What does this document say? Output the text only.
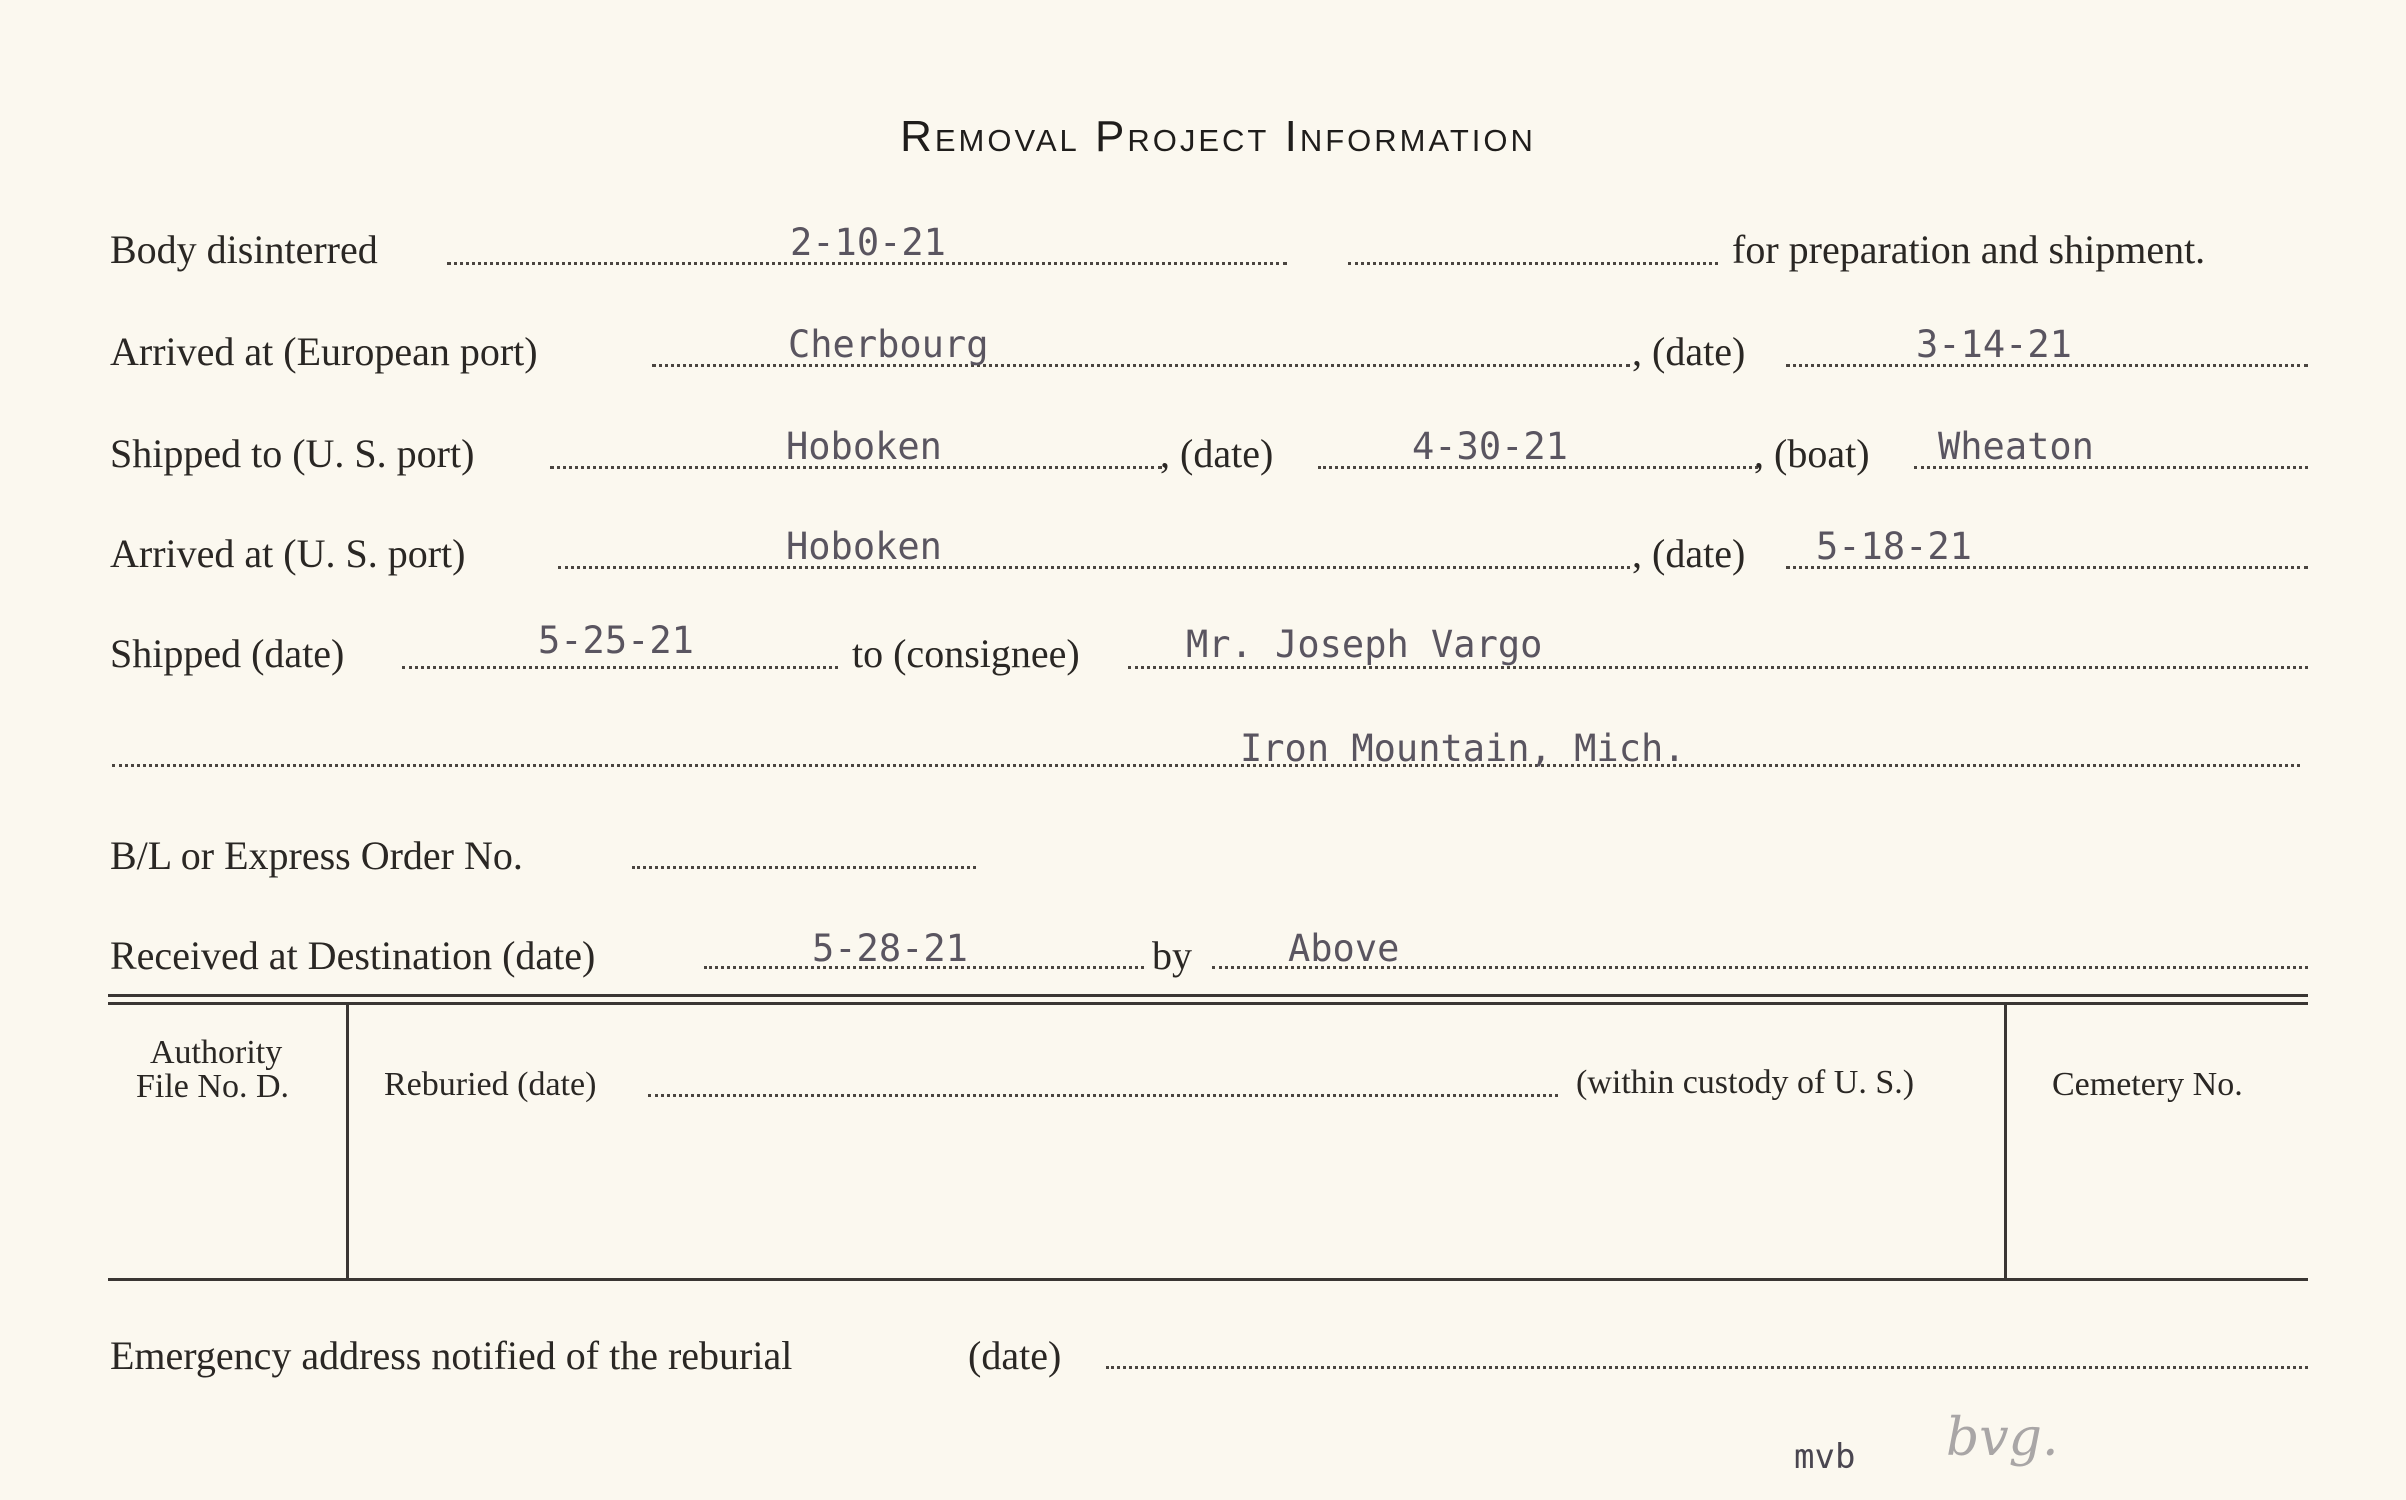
Removal Project Information
Body disinterred	2-10-21	for preparation and shipment.
Arrived at (European port)	Cherbourg	, (date)	3-14-21
Shipped to (U. S. port)	Hoboken	, (date)	4-30-21	, (boat) Wheaton
Arrived at (U. S. port)	Hoboken	, (date) 5-18-21
Shipped (date)	5-25-21	to (consignee)	Mr. Joseph Vargo
Iron Mountain, Mich.
B/L or Express Order No.
Received at Destination (date)	5-28-21	by	Above
Authority
File No. D.	Reburied (date)	(within custody of U. S.)	Cemetery No.
Emergency address notified of the reburial	(date)
mvb bvg.
